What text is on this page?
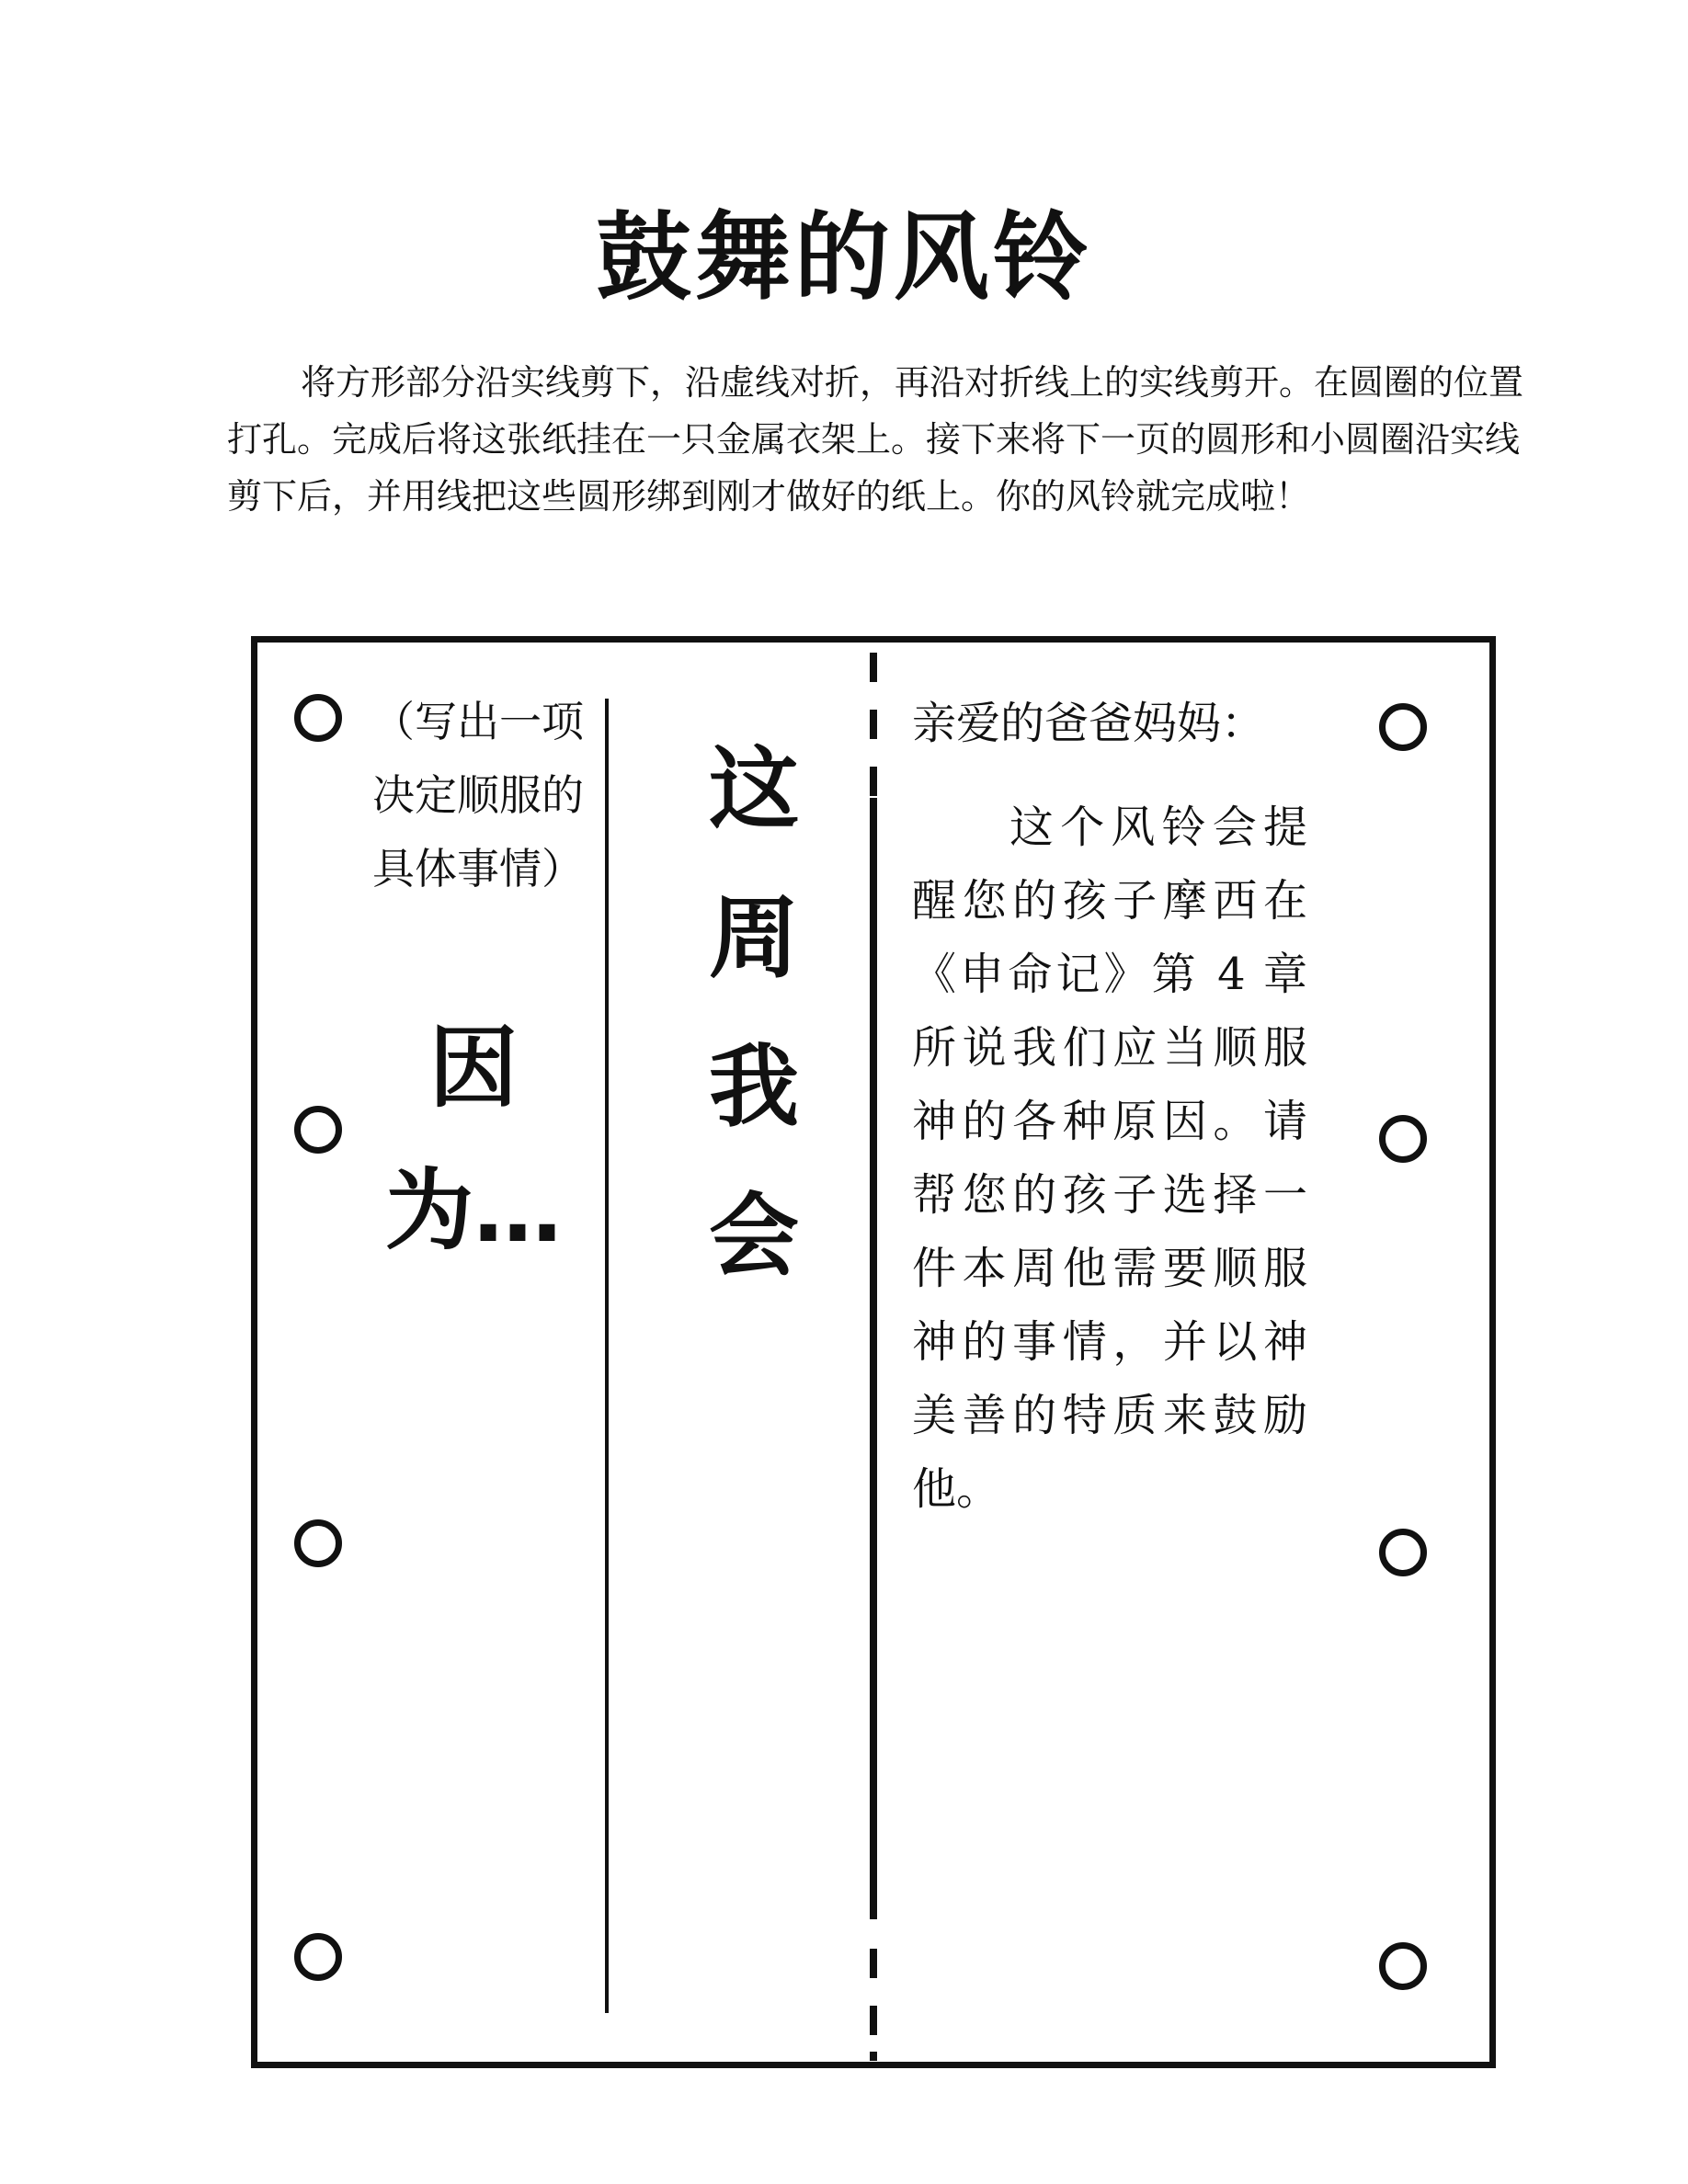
鼓舞的风铃

将方形部分沿实线剪下，沿虚线对折，再沿对折线上的实线剪开。在圆圈的位置打孔。完成后将这张纸挂在一只金属衣架上。接下来将下一页的圆形和小圆圈沿实线剪下后，并用线把这些圆形绑到刚才做好的纸上。你的风铃就完成啦！

（写出一项决定顺服的具体事情）

因为…

这
周
我
会

亲爱的爸爸妈妈：

这个风铃会提醒您的孩子摩西在《申命记》第 4 章所说我们应当顺服神的各种原因。请帮您的孩子选择一件本周他需要顺服神的事情，并以神美善的特质来鼓励他。
